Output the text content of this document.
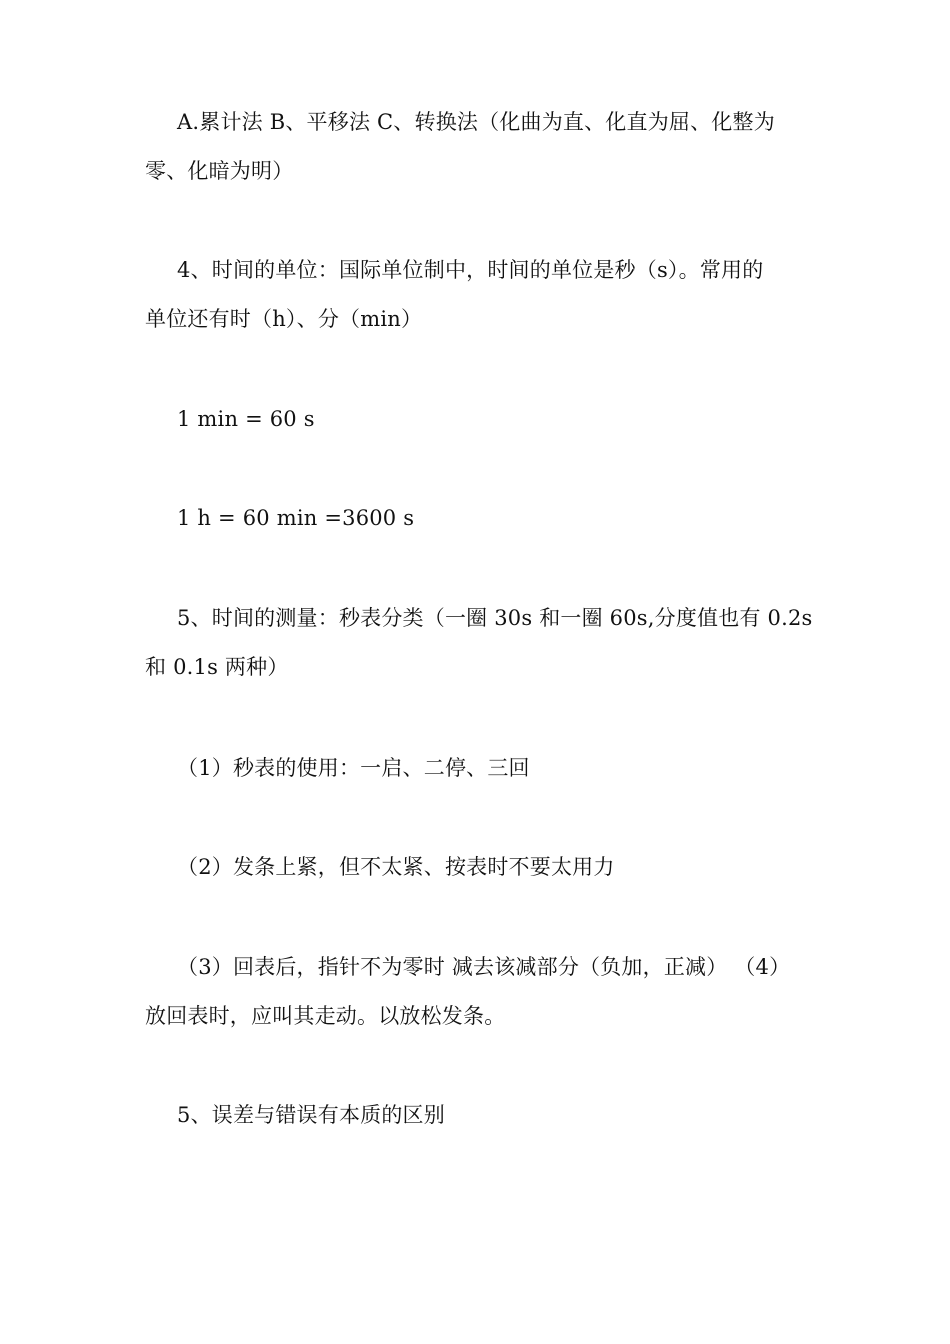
A.累计法 B、平移法 C、转换法（化曲为直、化直为屈、化整为
零、化暗为明）

4、时间的单位：国际单位制中，时间的单位是秒（s）。常用的
单位还有时（h）、分（min）

1 min = 60 s

1 h = 60 min =3600 s

5、时间的测量：秒表分类（一圈 30s 和一圈 60s,分度值也有 0.2s
和 0.1s 两种）

（1）秒表的使用：一启、二停、三回

（2）发条上紧，但不太紧、按表时不要太用力

（3）回表后，指针不为零时 减去该减部分（负加，正减） （4）
放回表时，应叫其走动。以放松发条。

5、误差与错误有本质的区别
